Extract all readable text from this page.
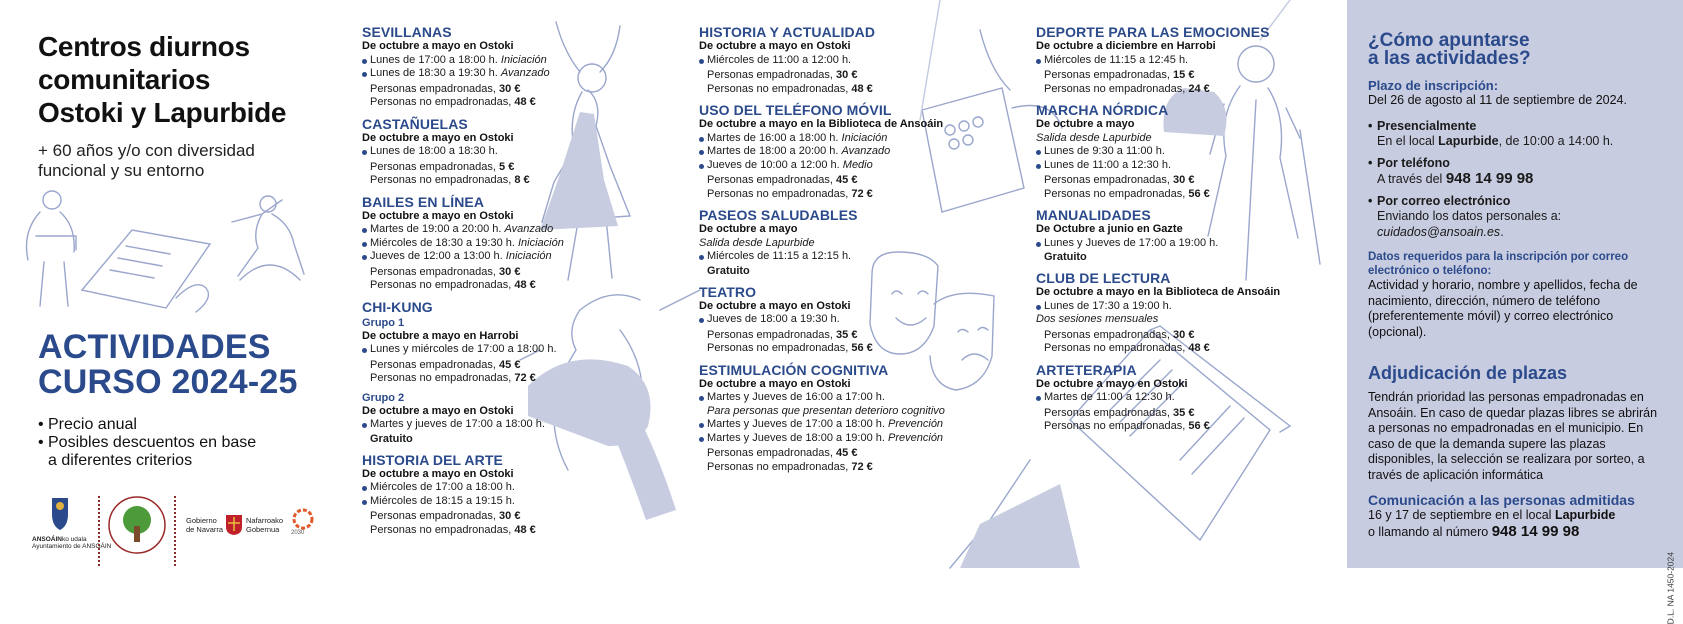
Centros diurnos
comunitarios
Ostoki y Lapurbide
+ 60 años y/o con diversidad
funcional y su entorno
ACTIVIDADES
CURSO 2024-25
• Precio anual
• Posibles descuentos en base
a diferentes criterios
ANSOÁINko udala
Ayuntamiento de ANSOÁIN
Gobierno
de Navarra
Nafarroako
Gobernua	2030
SEVILLANAS
De octubre a mayo en Ostoki
Lunes de 17:00 a 18:00 h. Iniciación
Lunes de 18:30 a 19:30 h. Avanzado
Personas empadronadas, 30 €
Personas no empadronadas, 48 €
CASTAÑUELAS
De octubre a mayo en Ostoki
Lunes de 18:00 a 18:30 h.
Personas empadronadas, 5 €
Personas no empadronadas, 8 €
BAILES EN LÍNEA
De octubre a mayo en Ostoki
Martes de 19:00 a 20:00 h. Avanzado
Miércoles de 18:30 a 19:30 h. Iniciación
Jueves de 12:00 a 13:00 h. Iniciación
Personas empadronadas, 30 €
Personas no empadronadas, 48 €
CHI-KUNG
Grupo 1
De octubre a mayo en Harrobi
Lunes y miércoles de 17:00 a 18:00 h.
Personas empadronadas, 45 €
Personas no empadronadas, 72 €
Grupo 2
De octubre a mayo en Ostoki
Martes y jueves de 17:00 a 18:00 h.
Gratuito
HISTORIA DEL ARTE
De octubre a mayo en Ostoki
Miércoles de 17:00 a 18:00 h.
Miércoles de 18:15 a 19:15 h.
Personas empadronadas, 30 €
Personas no empadronadas, 48 €
HISTORIA Y ACTUALIDAD
De octubre a mayo en Ostoki
Miércoles de 11:00 a 12:00 h.
Personas empadronadas, 30 €
Personas no empadronadas, 48 €
USO DEL TELÉFONO MÓVIL
De octubre a mayo en la Biblioteca de Ansoáin
Martes de 16:00 a 18:00 h. Iniciación
Martes de 18:00 a 20:00 h. Avanzado
Jueves de 10:00 a 12:00 h. Medio
Personas empadronadas, 45 €
Personas no empadronadas, 72 €
PASEOS SALUDABLES
De octubre a mayo
Salida desde Lapurbide
Miércoles de 11:15 a 12:15 h.
Gratuito
TEATRO
De octubre a mayo en Ostoki
Jueves de 18:00 a 19:30 h.
Personas empadronadas, 35 €
Personas no empadronadas, 56 €
ESTIMULACIÓN COGNITIVA
De octubre a mayo en Ostoki
Martes y Jueves de 16:00 a 17:00 h.
Para personas que presentan deterioro cognitivo
Martes y Jueves de 17:00 a 18:00 h. Prevención
Martes y Jueves de 18:00 a 19:00 h. Prevención
Personas empadronadas, 45 €
Personas no empadronadas, 72 €
DEPORTE PARA LAS EMOCIONES
De octubre a diciembre en Harrobi
Miércoles de 11:15 a 12:45 h.
Personas empadronadas, 15 €
Personas no empadronadas, 24 €
MARCHA NÓRDICA
De octubre a mayo
Salida desde Lapurbide
Lunes de 9:30 a 11:00 h.
Lunes de 11:00 a 12:30 h.
Personas empadronadas, 30 €
Personas no empadronadas, 56 €
MANUALIDADES
De Octubre a junio en Gazte
Lunes y Jueves de 17:00 a 19:00 h.
Gratuito
CLUB DE LECTURA
De octubre a mayo en la Biblioteca de Ansoáin
Lunes de 17:30 a 19:00 h.
Dos sesiones mensuales
Personas empadronadas, 30 €
Personas no empadronadas, 48 €
ARTETERAPIA
De octubre a mayo en Ostoki
Martes de 11:00 a 12:30 h.
Personas empadronadas, 35 €
Personas no empadronadas, 56 €
¿Cómo apuntarse
a las actividades?
Plazo de inscripción:

Del 26 de agosto al 11 de septiembre de 2024.

• Presencialmente
En el local Lapurbide, de 10:00 a 14:00 h.
• Por teléfono
A través del 948 14 99 98
• Por correo electrónico
Enviando los datos personales a:
cuidados@ansoain.es.
Datos requeridos para la inscripción por correo electrónico o teléfono:

Actividad y horario, nombre y apellidos, fecha de nacimiento, dirección, número de teléfono (preferentemente móvil) y correo electrónico (opcional).

Adjudicación de plazas

Tendrán prioridad las personas empadronadas en Ansoáin. En caso de quedar plazas libres se abrirán a personas no empadronadas en el municipio. En caso de que la demanda supere las plazas disponibles, la selección se realizara por sorteo, a través de aplicación informática

Comunicación a las personas admitidas

16 y 17 de septiembre en el local Lapurbide
o llamando al número 948 14 99 98

D.L. NA 1450-2024
